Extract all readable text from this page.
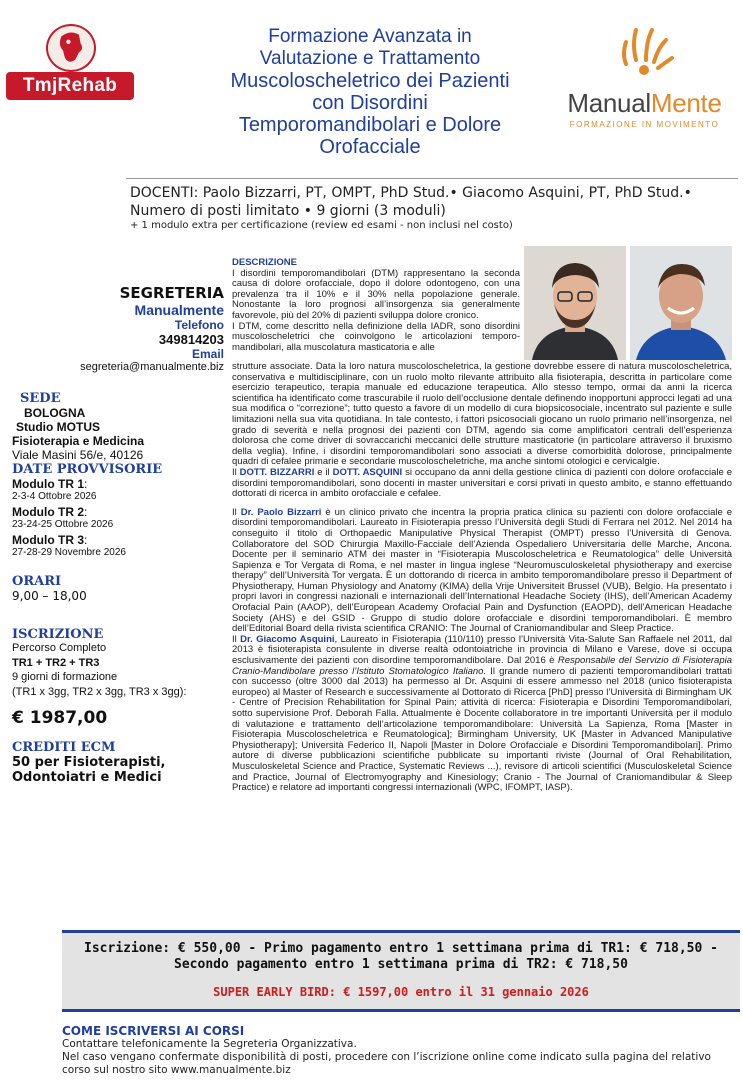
TmjRehab
Formazione Avanzata in
Valutazione e Trattamento
Muscoloscheletrico dei Pazienti
con Disordini
Temporomandibolari e Dolore
Orofacciale
ManualMente
FORMAZIONE IN MOVIMENTO
DOCENTI: Paolo Bizzarri, PT, OMPT, PhD Stud.• Giacomo Asquini, PT, PhD Stud.• Numero di posti limitato • 9 giorni (3 moduli)
+ 1 modulo extra per certificazione (review ed esami - non inclusi nel costo)
SEGRETERIA
Manualmente
Telefono
349814203
Email
segreteria@manualmente.biz
SEDE
BOLOGNA
Studio MOTUS
Fisioterapia e Medicina
Viale Masini 56/e, 40126
DATE PROVVISORIE
Modulo TR 1:
2-3-4 Ottobre 2026
Modulo TR 2:
23-24-25 Ottobre 2026
Modulo TR 3:
27-28-29 Novembre 2026
ORARI
9,00 – 18,00
ISCRIZIONE
Percorso Completo
TR1 + TR2 + TR3
9 giorni di formazione
(TR1 x 3gg, TR2 x 3gg, TR3 x 3gg):
€ 1987,00
CREDITI ECM
50 per Fisioterapisti, Odontoiatri e Medici
DESCRIZIONE

I disordini temporomandibolari (DTM) rappresentano la seconda causa di dolore orofacciale, dopo il dolore odontogeno, con una prevalenza tra il 10% e il 30% nella popolazione generale. Nonostante la loro prognosi all’insorgenza sia generalmente favorevole, più del 20% di pazienti sviluppa dolore cronico.

I DTM, come descritto nella definizione della IADR, sono disordini muscoloscheletrici che coinvolgono le articolazioni temporo-mandibolari, alla muscolatura masticatoria e alle

strutture associate. Data la loro natura muscoloscheletrica, la gestione dovrebbe essere di natura muscoloscheletrica, conservativa e multidisciplinare, con un ruolo molto rilevante attribuito alla fisioterapia, descritta in particolare come esercizio terapeutico, terapia manuale ed educazione terapeutica. Allo stesso tempo, ormai da anni la ricerca scientifica ha identificato come trascurabile il ruolo dell’occlusione dentale definendo inopportuni approcci legati ad una sua modifica o “correzione”; tutto questo a favore di un modello di cura biopsicosociale, incentrato sul paziente e sulle limitazioni nella sua vita quotidiana. In tale contesto, i fattori psicosociali giocano un ruolo primario nell’insorgenza, nel grado di severità e nella prognosi dei pazienti con DTM, agendo sia come amplificatori centrali dell’esperienza dolorosa che come driver di sovraccarichi meccanici delle strutture masticatorie (in particolare attraverso il bruxismo della veglia). Infine, i disordini temporomandibolari sono associati a diverse comorbidità dolorose, principalmente quadri di cefalee primarie e secondarie muscoloscheletriche, ma anche sintomi otologici e cervicalgie.

Il DOTT. BIZZARRI e il DOTT. ASQUINI si occupano da anni della gestione clinica di pazienti con dolore orofacciale e disordini temporomandibolari, sono docenti in master universitari e corsi privati in questo ambito, e stanno effettuando dottorati di ricerca in ambito orofacciale e cefalee.

Il Dr. Paolo Bizzarri è un clinico privato che incentra la propria pratica clinica su pazienti con dolore orofacciale e disordini temporomandibolari. Laureato in Fisioterapia presso l’Università degli Studi di Ferrara nel 2012. Nel 2014 ha conseguito il titolo di Orthopaedic Manipulative Physical Therapist (OMPT) presso l’Università di Genova. Collaboratore del SOD Chirurgia Maxillo-Facciale dell’Azienda Ospedaliero Universitaria delle Marche, Ancona. Docente per il seminario ATM dei master in “Fisioterapia Muscoloscheletrica e Reumatologica” delle Università Sapienza e Tor Vergata di Roma, e nel master in lingua inglese “Neuromusculoskeletal physiotherapy and exercise therapy” dell’Università Tor vergata. È un dottorando di ricerca in ambito temporomandibolare presso il Department of Physiotherapy, Human Physiology and Anatomy (KIMA) della Vrije Universiteit Brussel (VUB), Belgio. Ha presentato i propri lavori in congressi nazionali e internazionali dell’International Headache Society (IHS), dell’American Academy Orofacial Pain (AAOP), dell’European Academy Orofacial Pain and Dysfunction (EAOPD), dell’American Headache Society (AHS) e del GSID - Gruppo di studio dolore orofacciale e disordini temporomandibolari. È membro dell’Editorial Board della rivista scientifica CRANIO: The Journal of Craniomandibular and Sleep Practice.

Il Dr. Giacomo Asquini, Laureato in Fisioterapia (110/110) presso l’Università Vita-Salute San Raffaele nel 2011, dal 2013 è fisioterapista consulente in diverse realtà odontoiatriche in provincia di Milano e Varese, dove si occupa esclusivamente dei pazienti con disordine temporomandibolare. Dal 2016 è Responsabile del Servizio di Fisioterapia Cranio-Mandibolare presso l’Istituto Stomatologico Italiano. Il grande numero di pazienti temporomandibolari trattati con successo (oltre 3000 dal 2013) ha permesso al Dr. Asquini di essere ammesso nel 2018 (unico fisioterapista europeo) al Master of Research e successivamente al Dottorato di Ricerca [PhD] presso l’Università di Birmingham UK - Centre of Precision Rehabilitation for Spinal Pain; attività di ricerca: Fisioterapia e Disordini Temporomandibolari, sotto supervisione Prof. Deborah Falla. Attualmente è Docente collaboratore in tre importanti Università per il modulo di valutazione e trattamento dell’articolazione temporomandibolare: Università La Sapienza, Roma [Master in Fisioterapia Muscoloscheletrica e Reumatologica]; Birmingham University, UK [Master in Advanced Manipulative Physiotherapy]; Università Federico II, Napoli [Master in Dolore Orofacciale e Disordini Temporomandibolari]. Primo autore di diverse pubblicazioni scientifiche pubblicate su importanti riviste (Journal of Oral Rehabilitation, Musculoskeletal Science and Practice, Systematic Reviews ...), revisore di articoli scientifici (Musculoskeletal Science and Practice, Journal of Electromyography and Kinesiology; Cranio - The Journal of Craniomandibular & Sleep Practice) e relatore ad importanti congressi internazionali (WPC, IFOMPT, IASP).

Iscrizione: € 550,00 - Primo pagamento entro 1 settimana prima di TR1: € 718,50 -
Secondo pagamento entro 1 settimana prima di TR2: € 718,50
SUPER EARLY BIRD: € 1597,00 entro il 31 gennaio 2026
COME ISCRIVERSI AI CORSI

Contattare telefonicamente la Segreteria Organizzativa.

Nel caso vengano confermate disponibilità di posti, procedere con l’iscrizione online come indicato sulla pagina del relativo corso sul nostro sito www.manualmente.biz
